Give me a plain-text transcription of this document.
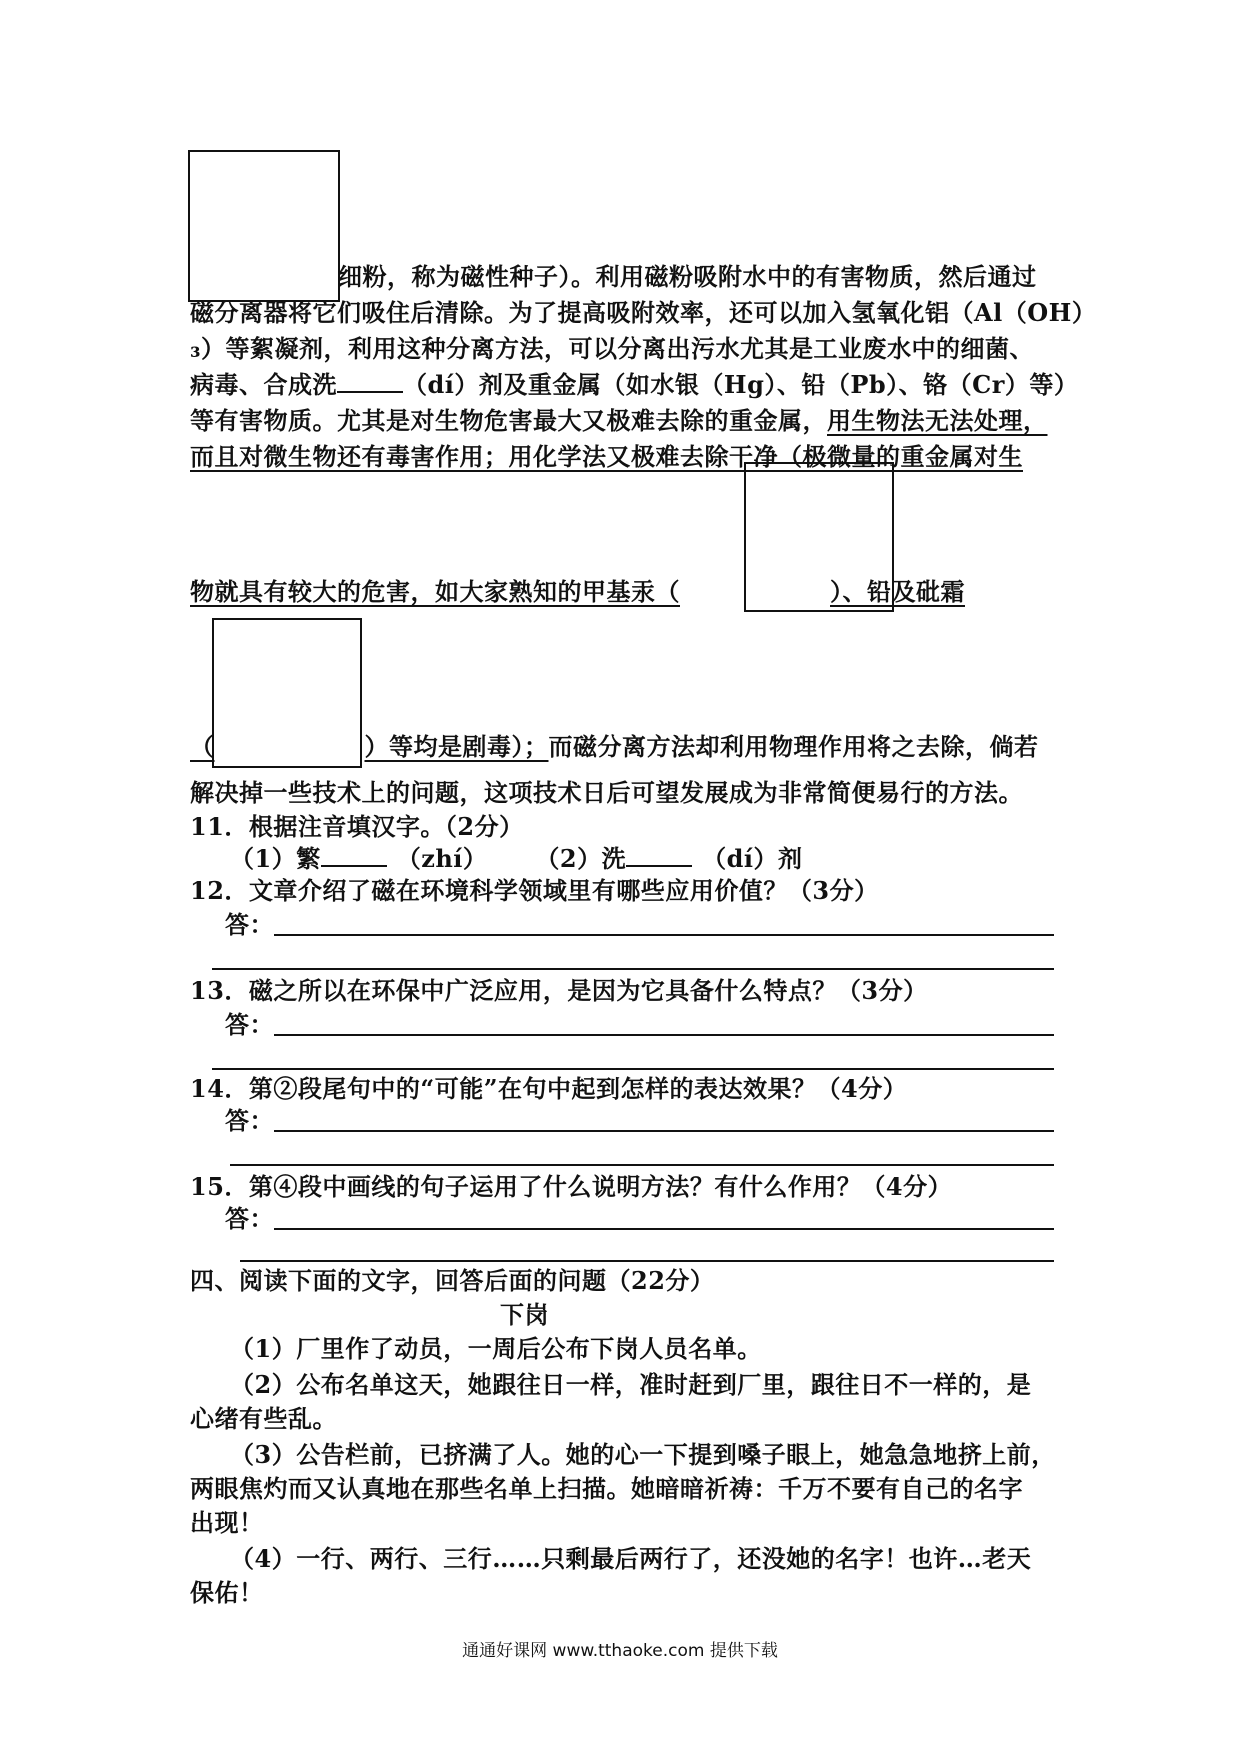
细粉，称为磁性种子）。利用磁粉吸附水中的有害物质，然后通过
磁分离器将它们吸住后清除。为了提高吸附效率，还可以加入氢氧化铝（Al（OH）
₃）等絮凝剂，利用这种分离方法，可以分离出污水尤其是工业废水中的细菌、
病毒、合成洗	（dí）剂及重金属（如水银（Hg）、铅（Pb）、铬（Cr）等）
等有害物质。尤其是对生物危害最大又极难去除的重金属，用生物法无法处理，
而且对微生物还有毒害作用；用化学法又极难去除干净（极微量的重金属对生
物就具有较大的危害，如大家熟知的甲基汞（	）、铅及砒霜
（	）等均是剧毒）；而磁分离方法却利用物理作用将之去除，倘若
解决掉一些技术上的问题，这项技术日后可望发展成为非常简便易行的方法。
11．根据注音填汉字。（2分）
（1）繁	（zhí）	（2）洗	（dí）剂
12．文章介绍了磁在环境科学领域里有哪些应用价值？（3分）
答：
13．磁之所以在环保中广泛应用，是因为它具备什么特点？（3分）
答：
14．第②段尾句中的“可能”在句中起到怎样的表达效果？（4分）
答：
15．第④段中画线的句子运用了什么说明方法？有什么作用？（4分）
答：
四、阅读下面的文字，回答后面的问题（22分）
下岗
（1）厂里作了动员，一周后公布下岗人员名单。
（2）公布名单这天，她跟往日一样，准时赶到厂里，跟往日不一样的，是
心绪有些乱。
（3）公告栏前，已挤满了人。她的心一下提到嗓子眼上，她急急地挤上前，
两眼焦灼而又认真地在那些名单上扫描。她暗暗祈祷：千万不要有自己的名字
出现！
（4）一行、两行、三行……只剩最后两行了，还没她的名字！也许…老天
保佑！
通通好课网 www.tthaoke.com 提供下载
